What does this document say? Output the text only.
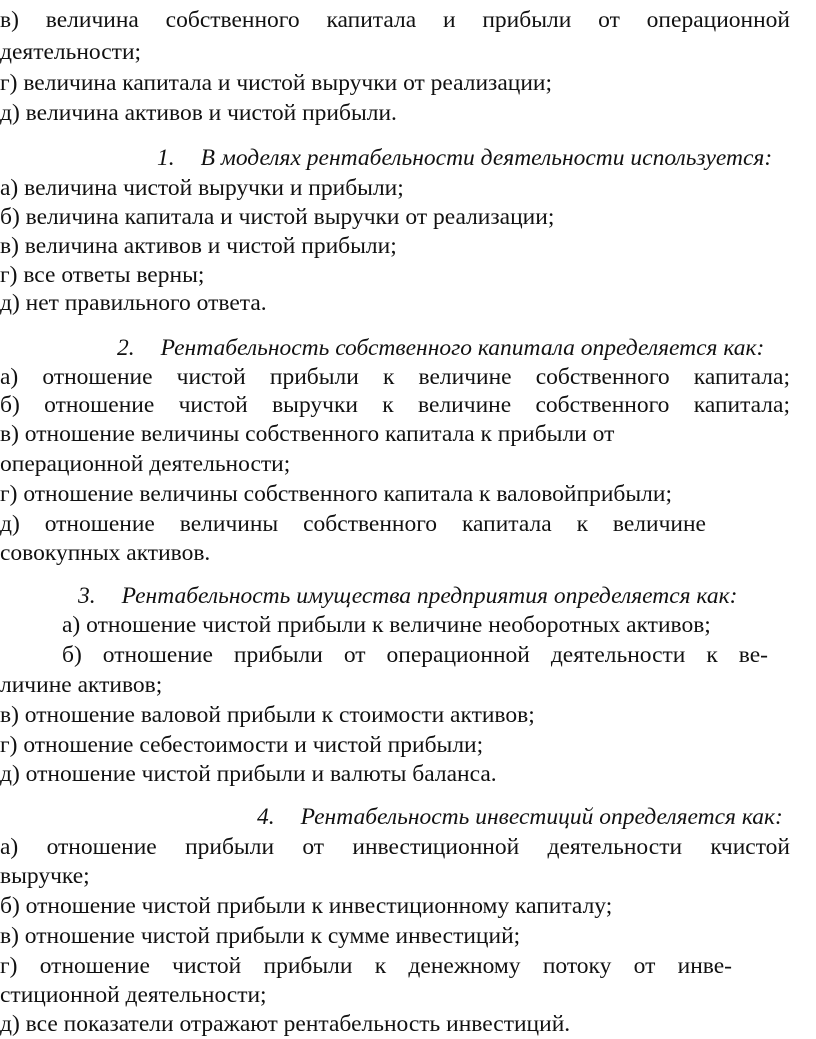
в) величина собственного капитала и прибыли от операционной
деятельности;
г) величина капитала и чистой выручки от реализации;
д) величина активов и чистой прибыли.
1. В моделях рентабельности деятельности используется:
а) величина чистой выручки и прибыли;
б) величина капитала и чистой выручки от реализации;
в) величина активов и чистой прибыли;
г) все ответы верны;
д) нет правильного ответа.
2. Рентабельность собственного капитала определяется как:
а) отношение чистой прибыли к величине собственного капитала;
б) отношение чистой выручки к величине собственного капитала;
в) отношение величины собственного капитала к прибыли от
операционной деятельности;
г) отношение величины собственного капитала к валовойприбыли;
д) отношение величины собственного капитала к величине
совокупных активов.
3. Рентабельность имущества предприятия определяется как:
а) отношение чистой прибыли к величине необоротных активов;
б) отношение прибыли от операционной деятельности к ве-
личине активов;
в) отношение валовой прибыли к стоимости активов;
г) отношение себестоимости и чистой прибыли;
д) отношение чистой прибыли и валюты баланса.
4. Рентабельность инвестиций определяется как:
а) отношение прибыли от инвестиционной деятельности кчистой
выручке;
б) отношение чистой прибыли к инвестиционному капиталу;
в) отношение чистой прибыли к сумме инвестиций;
г) отношение чистой прибыли к денежному потоку от инве-
стиционной деятельности;
д) все показатели отражают рентабельность инвестиций.
